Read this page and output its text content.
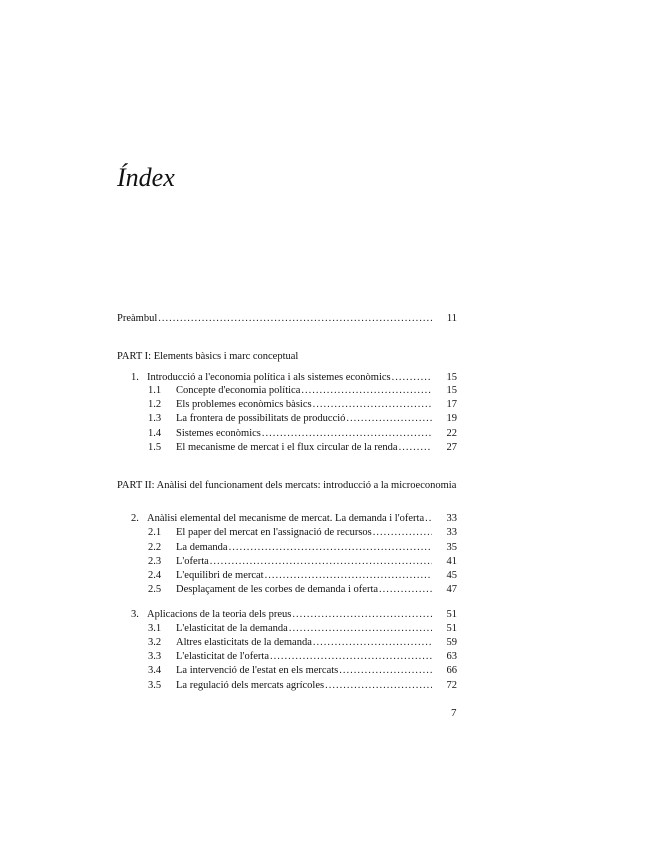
Índex
Preàmbul .....	11
PART I: Elements bàsics i marc conceptual
1. Introducció a l'economia política i als sistemes econòmics .....	15
1.1	Concepte d'economia política .....	15
1.2	Els problemes econòmics bàsics .....	17
1.3	La frontera de possibilitats de producció .....	19
1.4	Sistemes econòmics .....	22
1.5	El mecanisme de mercat i el flux circular de la renda .....	27
PART II: Anàlisi del funcionament dels mercats: introducció a la microeconomia
2. Anàlisi elemental del mecanisme de mercat. La demanda i l'oferta .....	33
2.1	El paper del mercat en l'assignació de recursos .....	33
2.2	La demanda .....	35
2.3	L'oferta .....	41
2.4	L'equilibri de mercat .....	45
2.5	Desplaçament de les corbes de demanda i oferta .....	47
3. Aplicacions de la teoria dels preus .....	51
3.1	L'elasticitat de la demanda .....	51
3.2	Altres elasticitats de la demanda .....	59
3.3	L'elasticitat de l'oferta .....	63
3.4	La intervenció de l'estat en els mercats .....	66
3.5	La regulació dels mercats agrícoles .....	72
7
